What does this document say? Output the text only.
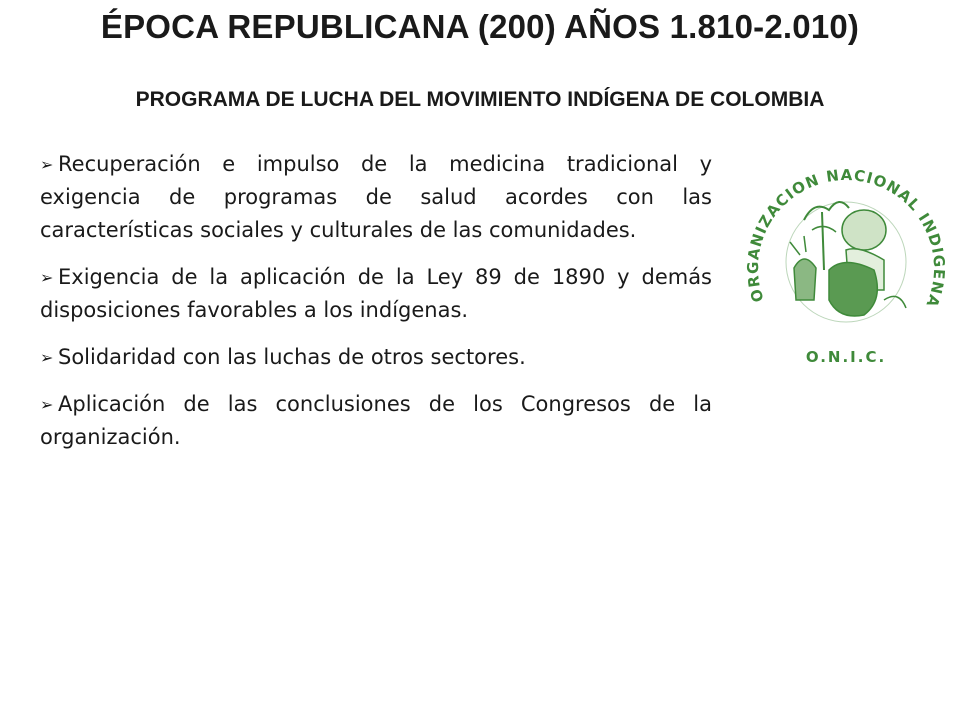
ÉPOCA REPUBLICANA (200) AÑOS 1.810-2.010)
PROGRAMA DE LUCHA DEL MOVIMIENTO INDÍGENA DE COLOMBIA

➢ Recuperación e impulso de la medicina tradicional y exigencia de programas de salud acordes con las características sociales y culturales de las comunidades.

➢ Exigencia de la aplicación de la Ley 89 de 1890 y demás disposiciones favorables a los indígenas.

➢ Solidaridad con las luchas de otros sectores.

➢ Aplicación de las conclusiones de los Congresos de la organización.

ORGANIZACION NACIONAL INDIGENA
O.N.I.C.
